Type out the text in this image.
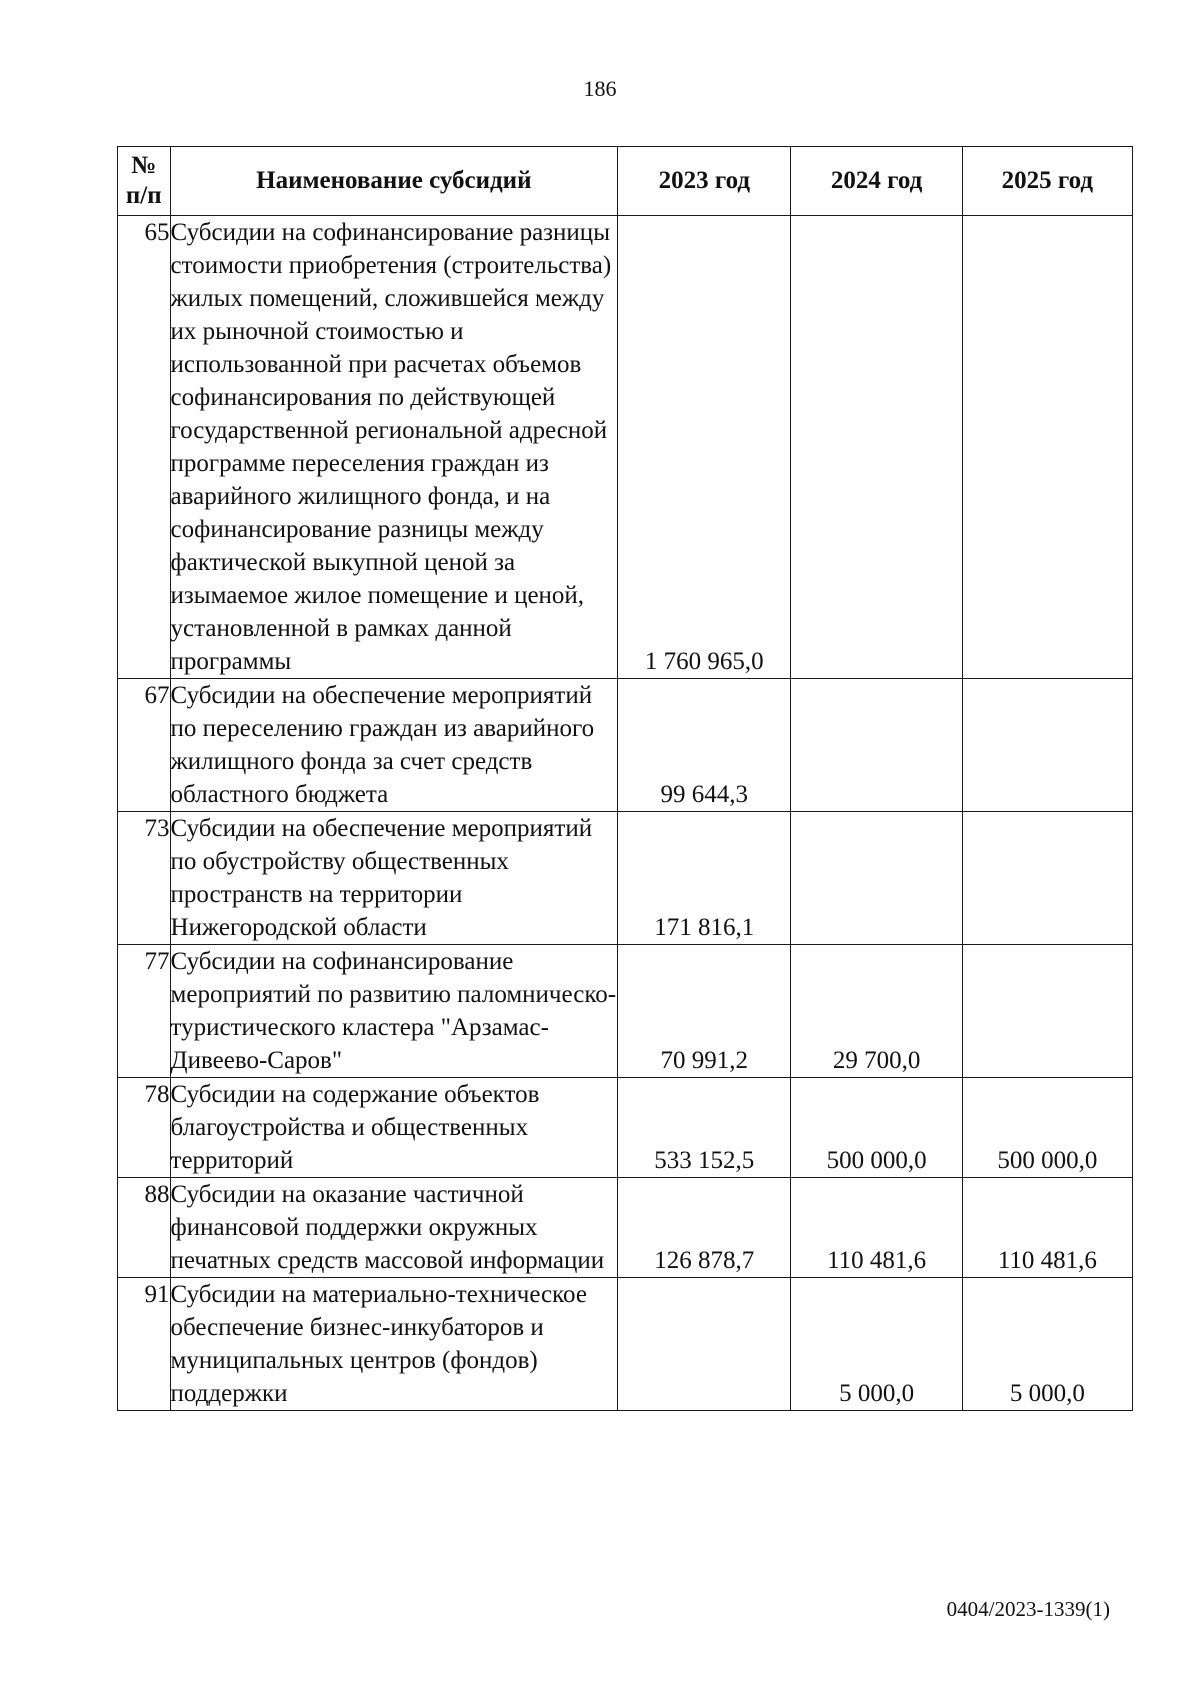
186
№ п/п	Наименование субсидий	2023 год	2024 год	2025 год
65	Субсидии на софинансирование разницы стоимости приобретения (строительства) жилых помещений, сложившейся между их рыночной стоимостью и использованной при расчетах объемов софинансирования по действующей государственной региональной адресной программе переселения граждан из аварийного жилищного фонда, и на софинансирование разницы между фактической выкупной ценой за изымаемое жилое помещение и ценой, установленной в рамках данной программы	1 760 965,0		
67	Субсидии на обеспечение мероприятий по переселению граждан из аварийного жилищного фонда за счет средств областного бюджета	99 644,3		
73	Субсидии на обеспечение мероприятий по обустройству общественных пространств на территории Нижегородской области	171 816,1		
77	Субсидии на софинансирование мероприятий по развитию паломническо-туристического кластера "Арзамас-Дивеево-Саров"	70 991,2	29 700,0	
78	Субсидии на содержание объектов благоустройства и общественных территорий	533 152,5	500 000,0	500 000,0
88	Субсидии на оказание частичной финансовой поддержки окружных печатных средств массовой информации	126 878,7	110 481,6	110 481,6
91	Субсидии на материально-техническое обеспечение бизнес-инкубаторов и муниципальных центров (фондов) поддержки		5 000,0	5 000,0
0404/2023-1339(1)
